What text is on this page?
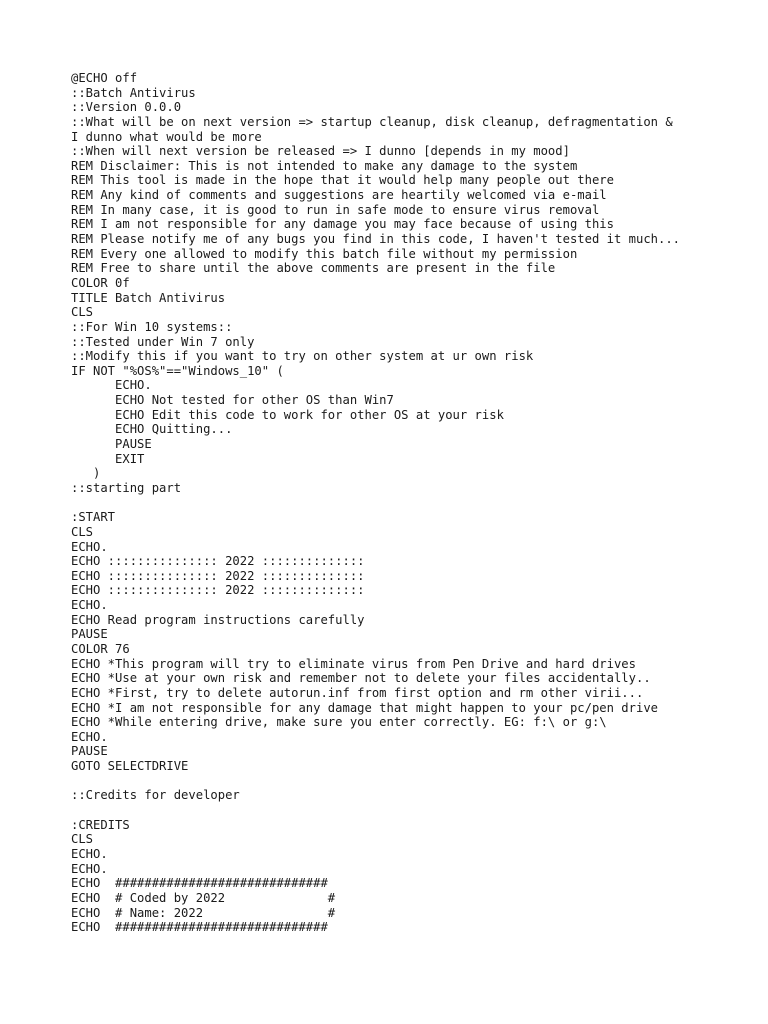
@ECHO off
::Batch Antivirus
::Version 0.0.0
::What will be on next version => startup cleanup, disk cleanup, defragmentation &
I dunno what would be more
::When will next version be released => I dunno [depends in my mood]
REM Disclaimer: This is not intended to make any damage to the system
REM This tool is made in the hope that it would help many people out there
REM Any kind of comments and suggestions are heartily welcomed via e-mail
REM In many case, it is good to run in safe mode to ensure virus removal
REM I am not responsible for any damage you may face because of using this
REM Please notify me of any bugs you find in this code, I haven't tested it much...
REM Every one allowed to modify this batch file without my permission
REM Free to share until the above comments are present in the file
COLOR 0f
TITLE Batch Antivirus
CLS
::For Win 10 systems::
::Tested under Win 7 only
::Modify this if you want to try on other system at ur own risk
IF NOT "%OS%"=="Windows_10" (
ECHO.
ECHO Not tested for other OS than Win7
ECHO Edit this code to work for other OS at your risk
ECHO Quitting...
PAUSE
EXIT
)
::starting part
:START
CLS
ECHO.
ECHO ::::::::::::::: 2022 ::::::::::::::
ECHO ::::::::::::::: 2022 ::::::::::::::
ECHO ::::::::::::::: 2022 ::::::::::::::
ECHO.
ECHO Read program instructions carefully
PAUSE
COLOR 76
ECHO *This program will try to eliminate virus from Pen Drive and hard drives
ECHO *Use at your own risk and remember not to delete your files accidentally..
ECHO *First, try to delete autorun.inf from first option and rm other virii...
ECHO *I am not responsible for any damage that might happen to your pc/pen drive
ECHO *While entering drive, make sure you enter correctly. EG: f:\ or g:\
ECHO.
PAUSE
GOTO SELECTDRIVE
::Credits for developer
:CREDITS
CLS
ECHO.
ECHO.
ECHO  #############################
ECHO  # Coded by 2022              #
ECHO  # Name: 2022                 #
ECHO  #############################
